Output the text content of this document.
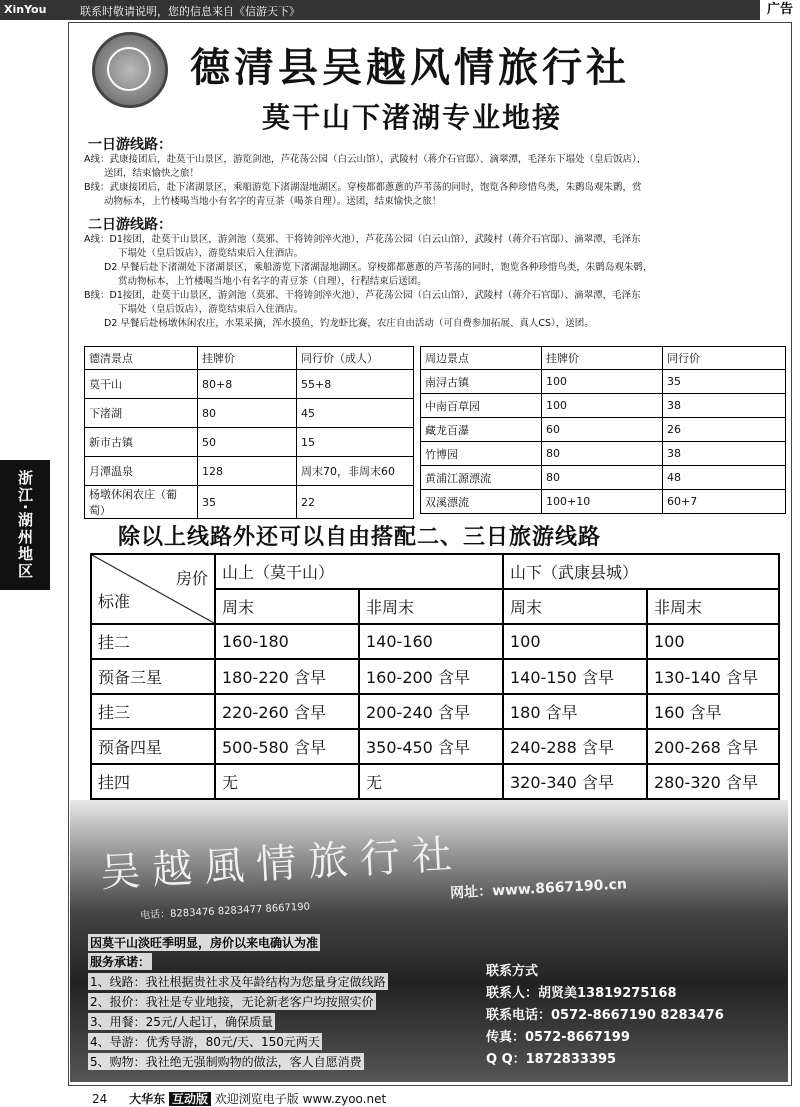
XinYou	联系时敬请说明，您的信息来自《信游天下》	广告
浙江·湖州地区
德清县吴越风情旅行社
莫干山下渚湖专业地接
一日游线路：
A线：武康接团后，赴莫干山景区，游览剑池，芦花荡公园（白云山馆），武陵村（蒋介石官邸）、滴翠潭，毛泽东下塌处（皇后饭店），
送团，结束愉快之旅！
B线：武康接团后，赴下渚湖景区，乘船游览下渚湖湿地湖区。穿梭都都蔥蔥的芦苇荡的同时，饱览各种珍惜鸟类，朱鹮岛观朱鹮，赏
动物标本，上竹楼喝当地小有名字的青豆茶（喝茶自理）。送团，结束愉快之旅！
二日游线路：
A线：D1接团，赴莫干山景区，游剑池（莫邪、干将铸剑淬火池），芦花荡公园（白云山馆），武陵村（蒋介石官邸）、滴翠潭，毛泽东
下塌处（皇后饭店），游览结束后入住酒店。
D2 早餐后赴下渚湖处下渚湖景区，乘船游览下渚湖湿地湖区。穿梭都都蔥蔥的芦苇荡的同时，饱览各种珍惜鸟类，朱鹮岛观朱鹮，
赏动物标本，上竹楼喝当地小有名字的青豆茶（自理），行程结束后送团。
B线：D1接团，赴莫干山景区，游剑池（莫邪、干将铸剑淬火池），芦花荡公园（白云山馆），武陵村（蒋介石官邸）、滴翠潭，毛泽东
下塌处（皇后饭店），游览结束后入住酒店。
D2 早餐后赴杨墩休闲农庄，水果采摘，浑水摸鱼，钓龙虾比赛，农庄自由活动（可自费参加拓展、真人CS），送团。
德清景点	挂牌价	同行价（成人）
莫干山	80+8	55+8
下渚湖	80	45
新市古镇	50	15
月潭温泉	128	周末70，非周末60
杨墩休闲农庄（葡萄）	35	22
周边景点	挂牌价	同行价
南浔古镇	100	35
中南百草园	100	38
藏龙百瀑	60	26
竹博园	80	38
黄浦江源漂流	80	48
双溪漂流	100+10	60+7
除以上线路外还可以自由搭配二、三日旅游线路
房价
标准	山上（莫干山）		山下（武康县城）	
	周末	非周末	周末	非周末
挂二	160-180	140-160	100	100
预备三星	180-220 含早	160-200 含早	140-150 含早	130-140 含早
挂三	220-260 含早	200-240 含早	180 含早	160 含早
预备四星	500-580 含早	350-450 含早	240-288 含早	200-268 含早
挂四	无	无	320-340 含早	280-320 含早

吴越風情旅行社
网址：www.8667190.cn
电话：8283476 8283477 8667190
因莫干山淡旺季明显，房价以来电确认为准
服务承诺：
1、线路：我社根据贵社求及年龄结构为您量身定做线路
2、报价：我社是专业地接，无论新老客户均按照实价
3、用餐：25元/人起订，确保质量
4、导游：优秀导游，80元/天、150元两天
5、购物：我社绝无强制购物的做法，客人自愿消费
联系方式
联系人：胡贤美13819275168
联系电话：0572-8667190 8283476
传真：0572-8667199
Q Q：1872833395
24 大华东 互动版 欢迎浏览电子版 www.zyoo.net
